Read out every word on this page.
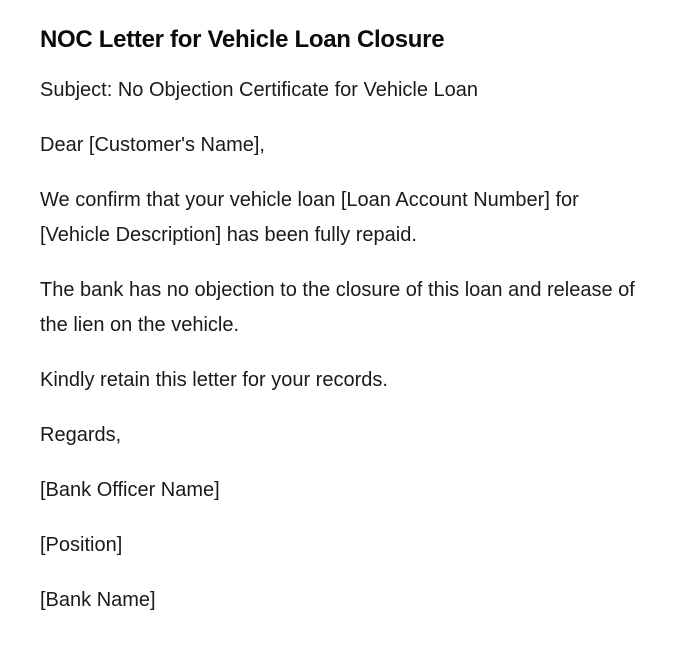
NOC Letter for Vehicle Loan Closure

Subject: No Objection Certificate for Vehicle Loan

Dear [Customer's Name],

We confirm that your vehicle loan [Loan Account Number] for [Vehicle Description] has been fully repaid.

The bank has no objection to the closure of this loan and release of the lien on the vehicle.

Kindly retain this letter for your records.

Regards,

[Bank Officer Name]

[Position]

[Bank Name]
